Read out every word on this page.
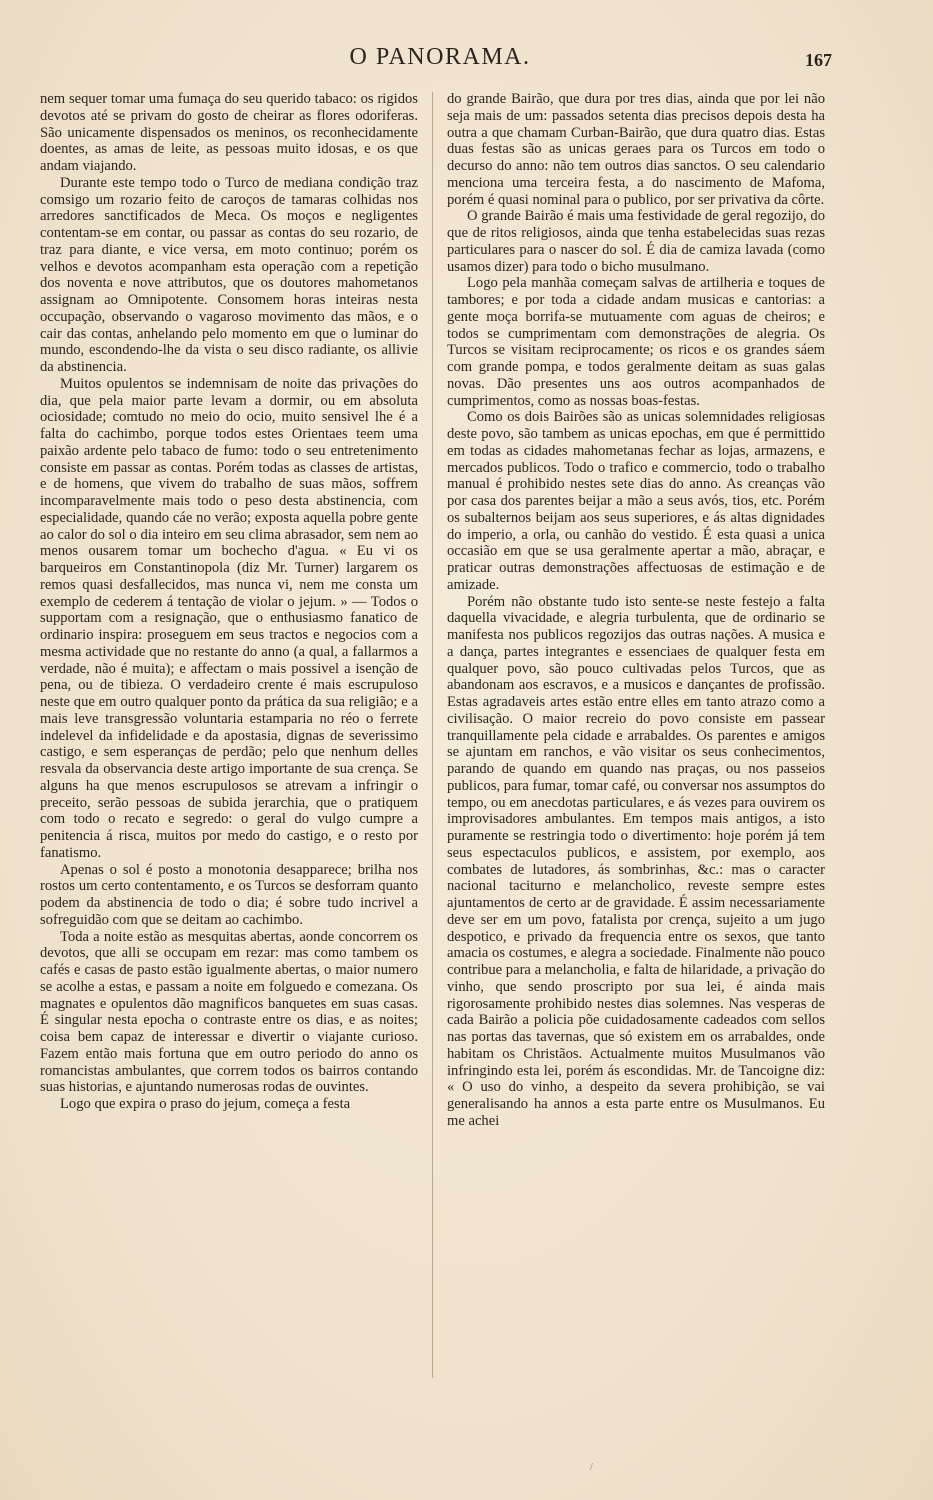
O PANORAMA.	167

nem sequer tomar uma fumaça do seu querido tabaco: os rigidos devotos até se privam do gosto de cheirar as flores odoriferas. São unicamente dispensados os meninos, os reconhecidamente doentes, as amas de leite, as pessoas muito idosas, e os que andam viajando.

Durante este tempo todo o Turco de mediana condição traz comsigo um rozario feito de caroços de tamaras colhidas nos arredores sanctificados de Meca. Os moços e negligentes contentam-se em contar, ou passar as contas do seu rozario, de traz para diante, e vice versa, em moto continuo; porém os velhos e devotos acompanham esta operação com a repetição dos noventa e nove attributos, que os doutores mahometanos assignam ao Omnipotente. Consomem horas inteiras nesta occupação, observando o vagaroso movimento das mãos, e o cair das contas, anhelando pelo momento em que o luminar do mundo, escondendo-lhe da vista o seu disco radiante, os allivie da abstinencia.

Muitos opulentos se indemnisam de noite das privações do dia, que pela maior parte levam a dormir, ou em absoluta ociosidade; comtudo no meio do ocio, muito sensivel lhe é a falta do cachimbo, porque todos estes Orientaes teem uma paixão ardente pelo tabaco de fumo: todo o seu entretenimento consiste em passar as contas. Porém todas as classes de artistas, e de homens, que vivem do trabalho de suas mãos, soffrem incomparavelmente mais todo o peso desta abstinencia, com especialidade, quando cáe no verão; exposta aquella pobre gente ao calor do sol o dia inteiro em seu clima abrasador, sem nem ao menos ousarem tomar um bochecho d'agua. « Eu vi os barqueiros em Constantinopola (diz Mr. Turner) largarem os remos quasi desfallecidos, mas nunca vi, nem me consta um exemplo de cederem á tentação de violar o jejum. » — Todos o supportam com a resignação, que o enthusiasmo fanatico de ordinario inspira: proseguem em seus tractos e negocios com a mesma actividade que no restante do anno (a qual, a fallarmos a verdade, não é muita); e affectam o mais possivel a isenção de pena, ou de tibieza. O verdadeiro crente é mais escrupuloso neste que em outro qualquer ponto da prática da sua religião; e a mais leve transgressão voluntaria estamparia no réo o ferrete indelevel da infidelidade e da apostasia, dignas de severissimo castigo, e sem esperanças de perdão; pelo que nenhum delles resvala da observancia deste artigo importante de sua crença. Se alguns ha que menos escrupulosos se atrevam a infringir o preceito, serão pessoas de subida jerarchia, que o pratiquem com todo o recato e segredo: o geral do vulgo cumpre a penitencia á risca, muitos por medo do castigo, e o resto por fanatismo.

Apenas o sol é posto a monotonia desapparece; brilha nos rostos um certo contentamento, e os Turcos se desforram quanto podem da abstinencia de todo o dia; é sobre tudo incrivel a sofreguidão com que se deitam ao cachimbo.

Toda a noite estão as mesquitas abertas, aonde concorrem os devotos, que alli se occupam em rezar: mas como tambem os cafés e casas de pasto estão igualmente abertas, o maior numero se acolhe a estas, e passam a noite em folguedo e comezana. Os magnates e opulentos dão magnificos banquetes em suas casas. É singular nesta epocha o contraste entre os dias, e as noites; coisa bem capaz de interessar e divertir o viajante curioso. Fazem então mais fortuna que em outro periodo do anno os romancistas ambulantes, que correm todos os bairros contando suas historias, e ajuntando numerosas rodas de ouvintes.

Logo que expira o praso do jejum, começa a festa

do grande Bairão, que dura por tres dias, ainda que por lei não seja mais de um: passados setenta dias precisos depois desta ha outra a que chamam Curban-Bairão, que dura quatro dias. Estas duas festas são as unicas geraes para os Turcos em todo o decurso do anno: não tem outros dias sanctos. O seu calendario menciona uma terceira festa, a do nascimento de Mafoma, porém é quasi nominal para o publico, por ser privativa da côrte.

O grande Bairão é mais uma festividade de geral regozijo, do que de ritos religiosos, ainda que tenha estabelecidas suas rezas particulares para o nascer do sol. É dia de camiza lavada (como usamos dizer) para todo o bicho musulmano.

Logo pela manhãa começam salvas de artilheria e toques de tambores; e por toda a cidade andam musicas e cantorias: a gente moça borrifa-se mutuamente com aguas de cheiros; e todos se cumprimentam com demonstrações de alegria. Os Turcos se visitam reciprocamente; os ricos e os grandes sáem com grande pompa, e todos geralmente deitam as suas galas novas. Dão presentes uns aos outros acompanhados de cumprimentos, como as nossas boas-festas.

Como os dois Bairões são as unicas solemnidades religiosas deste povo, são tambem as unicas epochas, em que é permittido em todas as cidades mahometanas fechar as lojas, armazens, e mercados publicos. Todo o trafico e commercio, todo o trabalho manual é prohibido nestes sete dias do anno. As creanças vão por casa dos parentes beijar a mão a seus avós, tios, etc. Porém os subalternos beijam aos seus superiores, e ás altas dignidades do imperio, a orla, ou canhão do vestido. É esta quasi a unica occasião em que se usa geralmente apertar a mão, abraçar, e praticar outras demonstrações affectuosas de estimação e de amizade.

Porém não obstante tudo isto sente-se neste festejo a falta daquella vivacidade, e alegria turbulenta, que de ordinario se manifesta nos publicos regozijos das outras nações. A musica e a dança, partes integrantes e essenciaes de qualquer festa em qualquer povo, são pouco cultivadas pelos Turcos, que as abandonam aos escravos, e a musicos e dançantes de profissão. Estas agradaveis artes estão entre elles em tanto atrazo como a civilisação. O maior recreio do povo consiste em passear tranquillamente pela cidade e arrabaldes. Os parentes e amigos se ajuntam em ranchos, e vão visitar os seus conhecimentos, parando de quando em quando nas praças, ou nos passeios publicos, para fumar, tomar café, ou conversar nos assumptos do tempo, ou em anecdotas particulares, e ás vezes para ouvirem os improvisadores ambulantes. Em tempos mais antigos, a isto puramente se restringia todo o divertimento: hoje porém já tem seus espectaculos publicos, e assistem, por exemplo, aos combates de lutadores, ás sombrinhas, &c.: mas o caracter nacional taciturno e melancholico, reveste sempre estes ajuntamentos de certo ar de gravidade. É assim necessariamente deve ser em um povo, fatalista por crença, sujeito a um jugo despotico, e privado da frequencia entre os sexos, que tanto amacia os costumes, e alegra a sociedade. Finalmente não pouco contribue para a melancholia, e falta de hilaridade, a privação do vinho, que sendo proscripto por sua lei, é ainda mais rigorosamente prohibido nestes dias solemnes. Nas vesperas de cada Bairão a policia põe cuidadosamente cadeados com sellos nas portas das tavernas, que só existem em os arrabaldes, onde habitam os Christãos. Actualmente muitos Musulmanos vão infringindo esta lei, porém ás escondidas. Mr. de Tancoigne diz: « O uso do vinho, a despeito da severa prohibição, se vai generalisando ha annos a esta parte entre os Musulmanos. Eu me achei

/
